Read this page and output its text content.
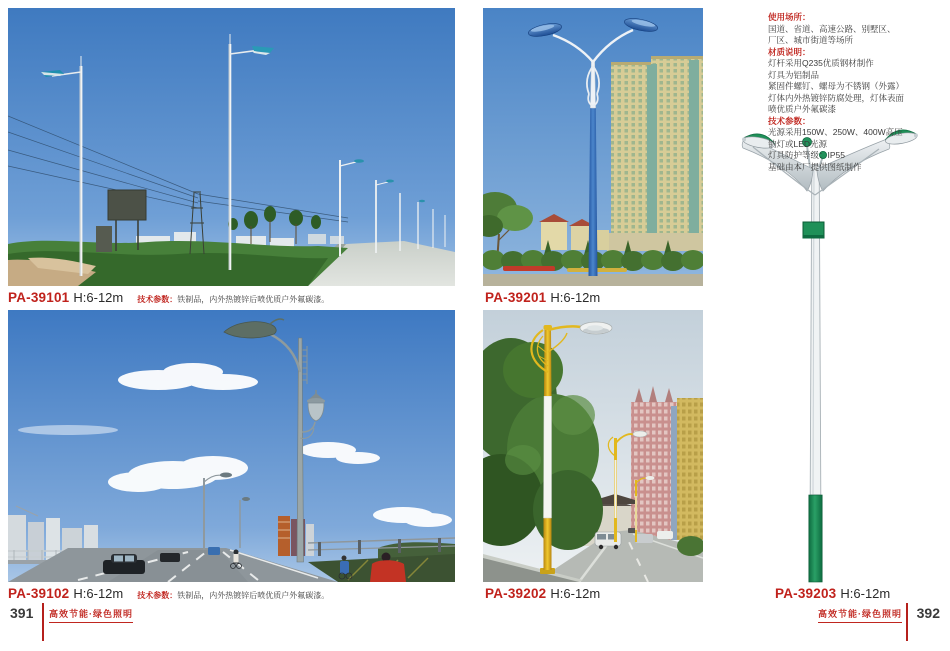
使用场所：
国道、省道、高速公路、别墅区、
厂区、城市街道等场所
材质说明：
灯杆采用Q235优质钢材制作
灯具为铝制品
紧固件螺钉、螺母为不锈钢（外露）
灯体内外热镀锌防腐处理，灯体表面
喷优质户外氟碳漆
技术参数：
光源采用150W、250W、400W高压
钠灯或LED光源
灯具防护等级：IP55
基础由本厂提供图纸制作
PA-39101 H:6-12m 技术参数：铁制品，内外热镀锌后喷优质户外氟碳漆。
PA-39102 H:6-12m 技术参数：铁制品，内外热镀锌后喷优质户外氟碳漆。
PA-39201 H:6-12m
PA-39202 H:6-12m	PA-39203 H:6-12m
391 高效节能·绿色照明	高效节能·绿色照明 392
